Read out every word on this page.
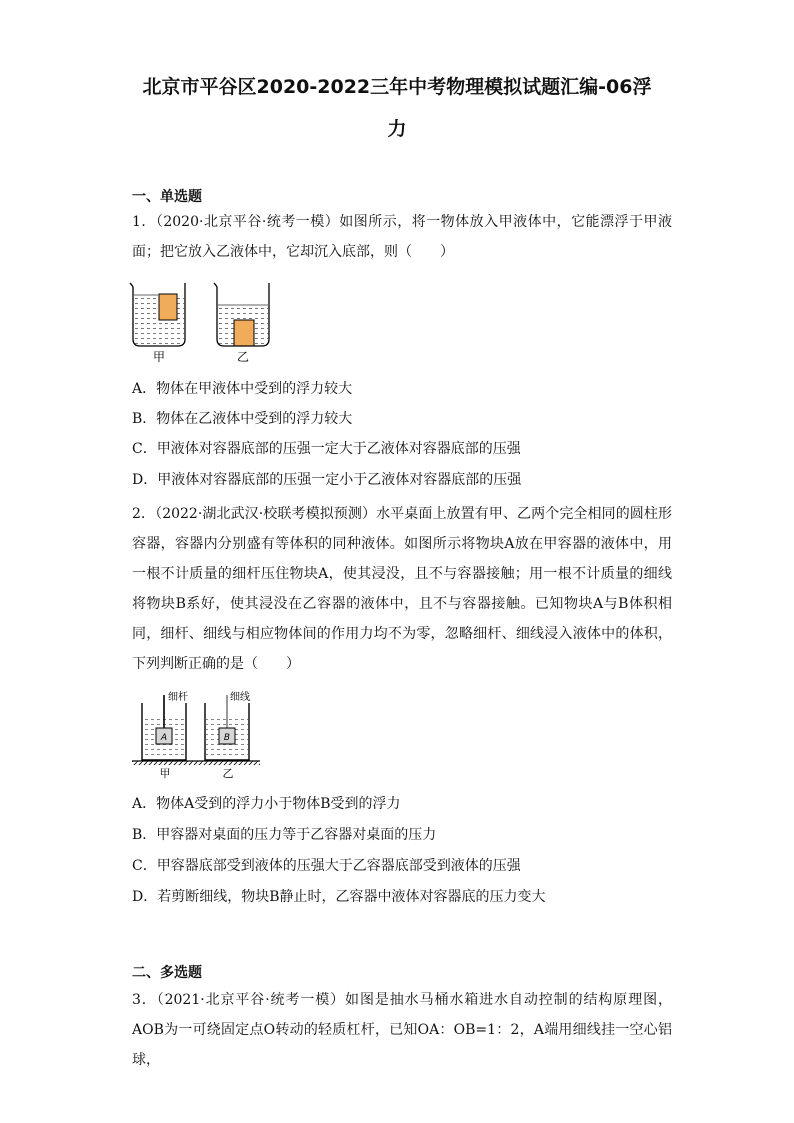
北京市平谷区2020-2022三年中考物理模拟试题汇编-06浮
力
一、单选题
1．（2020·北京平谷·统考一模）如图所示，将一物体放入甲液体中，它能漂浮于甲液面；把它放入乙液体中，它却沉入底部，则（　　）
甲	乙
A．物体在甲液体中受到的浮力较大
B．物体在乙液体中受到的浮力较大
C．甲液体对容器底部的压强一定大于乙液体对容器底部的压强
D．甲液体对容器底部的压强一定小于乙液体对容器底部的压强
2．（2022·湖北武汉·校联考模拟预测）水平桌面上放置有甲、乙两个完全相同的圆柱形容器，容器内分别盛有等体积的同种液体。如图所示将物块A放在甲容器的液体中，用一根不计质量的细杆压住物块A，使其浸没，且不与容器接触；用一根不计质量的细线将物块B系好，使其浸没在乙容器的液体中，且不与容器接触。已知物块A与B体积相同，细杆、细线与相应物体间的作用力均不为零，忽略细杆、细线浸入液体中的体积，下列判断正确的是（　　）
A
细杆
B
细线
甲	乙
A．物体A受到的浮力小于物体B受到的浮力
B．甲容器对桌面的压力等于乙容器对桌面的压力
C．甲容器底部受到液体的压强大于乙容器底部受到液体的压强
D．若剪断细线，物块B静止时，乙容器中液体对容器底的压力变大
二、多选题
3．（2021·北京平谷·统考一模）如图是抽水马桶水箱进水自动控制的结构原理图，AOB为一可绕固定点O转动的轻质杠杆，已知OA：OB=1：2，A端用细线挂一空心铝球，
